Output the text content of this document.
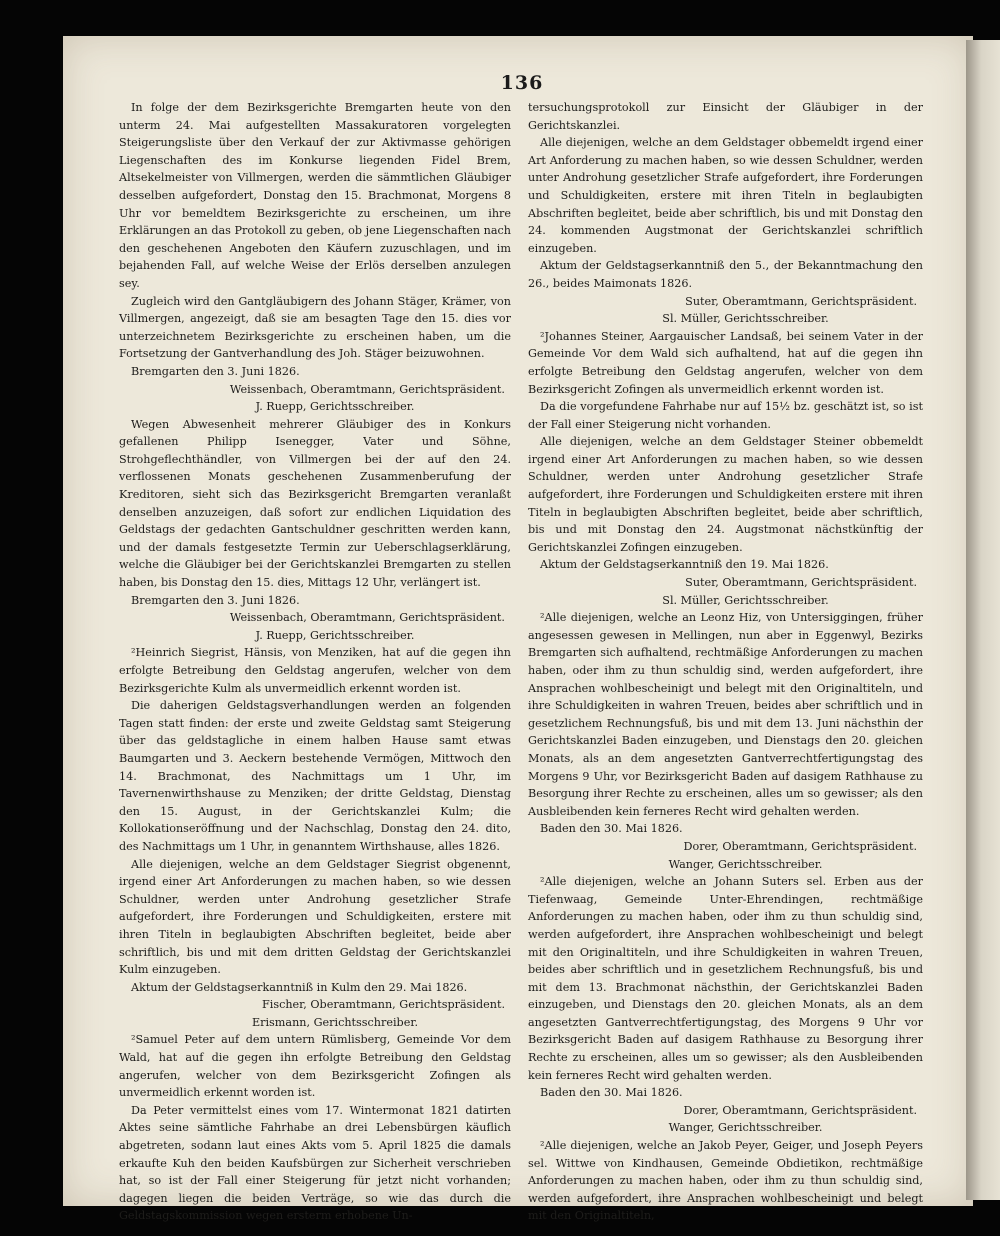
136

In folge der dem Bezirksgerichte Bremgarten heute von den unterm 24. Mai aufgestellten Massakuratoren vorgelegten Steigerungsliste über den Verkauf der zur Aktivmasse gehörigen Liegenschaften des im Konkurse liegenden Fidel Brem, Altsekelmeister von Villmergen, werden die sämmtlichen Gläubiger desselben aufgefordert, Donstag den 15. Brachmonat, Morgens 8 Uhr vor bemeldtem Bezirksgerichte zu erscheinen, um ihre Erklärungen an das Protokoll zu geben, ob jene Liegenschaften nach den geschehenen Angeboten den Käufern zuzuschlagen, und im bejahenden Fall, auf welche Weise der Erlös derselben anzulegen sey.

Zugleich wird den Gantgläubigern des Johann Stäger, Krämer, von Villmergen, angezeigt, daß sie am besagten Tage den 15. dies vor unterzeichnetem Bezirksgerichte zu erscheinen haben, um die Fortsetzung der Gantverhandlung des Joh. Stäger beizuwohnen.

Bremgarten den 3. Juni 1826.

Weissenbach, Oberamtmann, Gerichtspräsident.

J. Ruepp, Gerichtsschreiber.

Wegen Abwesenheit mehrerer Gläubiger des in Konkurs gefallenen Philipp Isenegger, Vater und Söhne, Strohgeflechthändler, von Villmergen bei der auf den 24. verflossenen Monats geschehenen Zusammenberufung der Kreditoren, sieht sich das Bezirksgericht Bremgarten veranlaßt denselben anzuzeigen, daß sofort zur endlichen Liquidation des Geldstags der gedachten Gantschuldner geschritten werden kann, und der damals festgesetzte Termin zur Ueberschlagserklärung, welche die Gläubiger bei der Gerichtskanzlei Bremgarten zu stellen haben, bis Donstag den 15. dies, Mittags 12 Uhr, verlängert ist.

Bremgarten den 3. Juni 1826.

Weissenbach, Oberamtmann, Gerichtspräsident.

J. Ruepp, Gerichtsschreiber.

²Heinrich Siegrist, Hänsis, von Menziken, hat auf die gegen ihn erfolgte Betreibung den Geldstag angerufen, welcher von dem Bezirksgerichte Kulm als unvermeidlich erkennt worden ist.

Die daherigen Geldstagsverhandlungen werden an folgenden Tagen statt finden: der erste und zweite Geldstag samt Steigerung über das geldstagliche in einem halben Hause samt etwas Baumgarten und 3. Aeckern bestehende Vermögen, Mittwoch den 14. Brachmonat, des Nachmittags um 1 Uhr, im Tavernenwirthshause zu Menziken; der dritte Geldstag, Dienstag den 15. August, in der Gerichtskanzlei Kulm; die Kollokationseröffnung und der Nachschlag, Donstag den 24. dito, des Nachmittags um 1 Uhr, in genanntem Wirthshause, alles 1826.

Alle diejenigen, welche an dem Geldstager Siegrist obgenennt, irgend einer Art Anforderungen zu machen haben, so wie dessen Schuldner, werden unter Androhung gesetzlicher Strafe aufgefordert, ihre Forderungen und Schuldigkeiten, erstere mit ihren Titeln in beglaubigten Abschriften begleitet, beide aber schriftlich, bis und mit dem dritten Geldstag der Gerichtskanzlei Kulm einzugeben.

Aktum der Geldstagserkanntniß in Kulm den 29. Mai 1826.

Fischer, Oberamtmann, Gerichtspräsident.

Erismann, Gerichtsschreiber.

²Samuel Peter auf dem untern Rümlisberg, Gemeinde Vor dem Wald, hat auf die gegen ihn erfolgte Betreibung den Geldstag angerufen, welcher von dem Bezirksgericht Zofingen als unvermeidlich erkennt worden ist.

Da Peter vermittelst eines vom 17. Wintermonat 1821 datirten Aktes seine sämtliche Fahrhabe an drei Lebensbürgen käuflich abgetreten, sodann laut eines Akts vom 5. April 1825 die damals erkaufte Kuh den beiden Kaufsbürgen zur Sicherheit verschrieben hat, so ist der Fall einer Steigerung für jetzt nicht vorhanden; dagegen liegen die beiden Verträge, so wie das durch die Geldstagskommission wegen ersterm erhobene Un-

tersuchungsprotokoll zur Einsicht der Gläubiger in der Gerichtskanzlei.

Alle diejenigen, welche an dem Geldstager obbemeldt irgend einer Art Anforderung zu machen haben, so wie dessen Schuldner, werden unter Androhung gesetzlicher Strafe aufgefordert, ihre Forderungen und Schuldigkeiten, erstere mit ihren Titeln in beglaubigten Abschriften begleitet, beide aber schriftlich, bis und mit Donstag den 24. kommenden Augstmonat der Gerichtskanzlei schriftlich einzugeben.

Aktum der Geldstagserkanntniß den 5., der Bekanntmachung den 26., beides Maimonats 1826.

Suter, Oberamtmann, Gerichtspräsident.

Sl. Müller, Gerichtsschreiber.

²Johannes Steiner, Aargauischer Landsaß, bei seinem Vater in der Gemeinde Vor dem Wald sich aufhaltend, hat auf die gegen ihn erfolgte Betreibung den Geldstag angerufen, welcher von dem Bezirksgericht Zofingen als unvermeidlich erkennt worden ist.

Da die vorgefundene Fahrhabe nur auf 15½ bz. geschätzt ist, so ist der Fall einer Steigerung nicht vorhanden.

Alle diejenigen, welche an dem Geldstager Steiner obbemeldt irgend einer Art Anforderungen zu machen haben, so wie dessen Schuldner, werden unter Androhung gesetzlicher Strafe aufgefordert, ihre Forderungen und Schuldigkeiten erstere mit ihren Titeln in beglaubigten Abschriften begleitet, beide aber schriftlich, bis und mit Donstag den 24. Augstmonat nächstkünftig der Gerichtskanzlei Zofingen einzugeben.

Aktum der Geldstagserkanntniß den 19. Mai 1826.

Suter, Oberamtmann, Gerichtspräsident.

Sl. Müller, Gerichtsschreiber.

²Alle diejenigen, welche an Leonz Hiz, von Untersiggingen, früher angesessen gewesen in Mellingen, nun aber in Eggenwyl, Bezirks Bremgarten sich aufhaltend, rechtmäßige Anforderungen zu machen haben, oder ihm zu thun schuldig sind, werden aufgefordert, ihre Ansprachen wohlbescheinigt und belegt mit den Originaltiteln, und ihre Schuldigkeiten in wahren Treuen, beides aber schriftlich und in gesetzlichem Rechnungsfuß, bis und mit dem 13. Juni nächsthin der Gerichtskanzlei Baden einzugeben, und Dienstags den 20. gleichen Monats, als an dem angesetzten Gantverrechtfertigungstag des Morgens 9 Uhr, vor Bezirksgericht Baden auf dasigem Rathhause zu Besorgung ihrer Rechte zu erscheinen, alles um so gewisser; als den Ausbleibenden kein ferneres Recht wird gehalten werden.

Baden den 30. Mai 1826.

Dorer, Oberamtmann, Gerichtspräsident.

Wanger, Gerichtsschreiber.

²Alle diejenigen, welche an Johann Suters sel. Erben aus der Tiefenwaag, Gemeinde Unter-Ehrendingen, rechtmäßige Anforderungen zu machen haben, oder ihm zu thun schuldig sind, werden aufgefordert, ihre Ansprachen wohlbescheinigt und belegt mit den Originaltiteln, und ihre Schuldigkeiten in wahren Treuen, beides aber schriftlich und in gesetzlichem Rechnungsfuß, bis und mit dem 13. Brachmonat nächsthin, der Gerichtskanzlei Baden einzugeben, und Dienstags den 20. gleichen Monats, als an dem angesetzten Gantverrechtfertigungstag, des Morgens 9 Uhr vor Bezirksgericht Baden auf dasigem Rathhause zu Besorgung ihrer Rechte zu erscheinen, alles um so gewisser; als den Ausbleibenden kein ferneres Recht wird gehalten werden.

Baden den 30. Mai 1826.

Dorer, Oberamtmann, Gerichtspräsident.

Wanger, Gerichtsschreiber.

²Alle diejenigen, welche an Jakob Peyer, Geiger, und Joseph Peyers sel. Wittwe von Kindhausen, Gemeinde Obdietikon, rechtmäßige Anforderungen zu machen haben, oder ihm zu thun schuldig sind, werden aufgefordert, ihre Ansprachen wohlbescheinigt und belegt mit den Originaltiteln,
